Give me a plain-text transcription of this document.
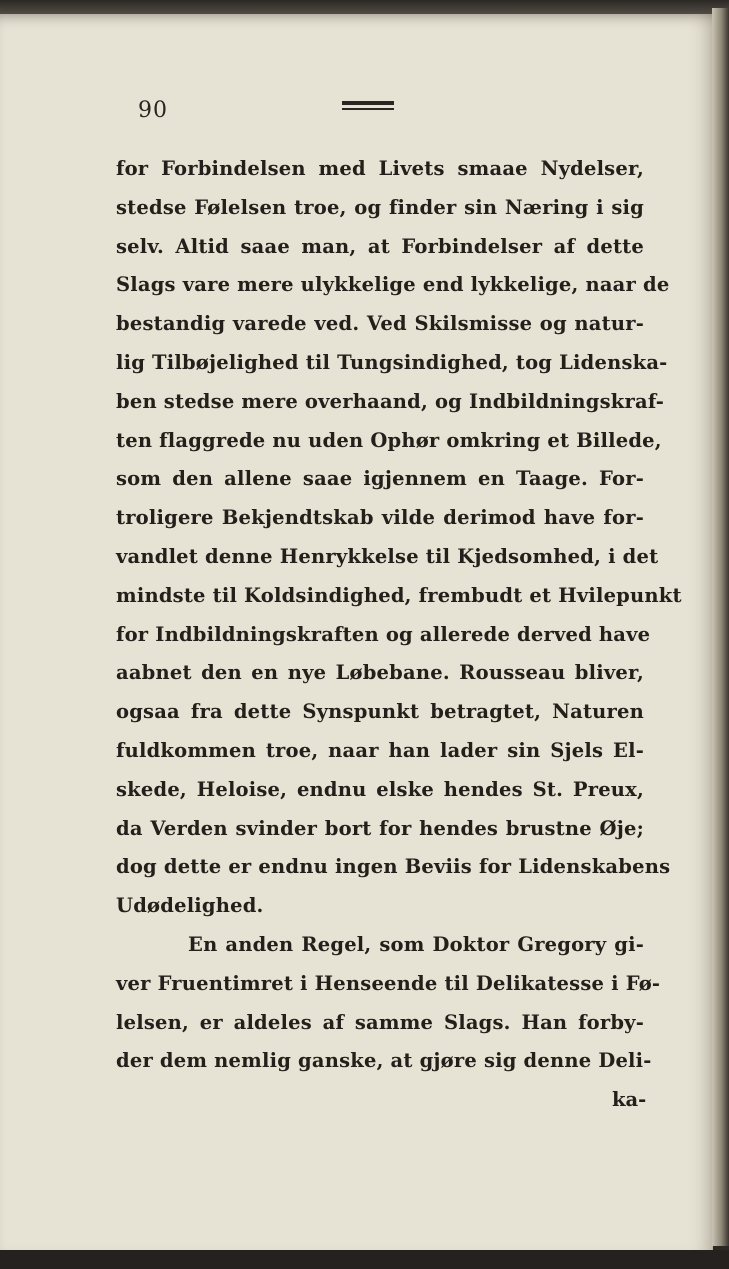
90
for Forbindelsen med Livets smaae Nydelser,
stedse Følelsen troe, og finder sin Næring i sig
selv. Altid saae man, at Forbindelser af dette
Slags vare mere ulykkelige end lykkelige, naar de
bestandig varede ved. Ved Skilsmisse og natur-
lig Tilbøjelighed til Tungsindighed, tog Lidenska-
ben stedse mere overhaand, og Indbildningskraf-
ten flaggrede nu uden Ophør omkring et Billede,
som den allene saae igjennem en Taage. For-
troligere Bekjendtskab vilde derimod have for-
vandlet denne Henrykkelse til Kjedsomhed, i det
mindste til Koldsindighed, frembudt et Hvilepunkt
for Indbildningskraften og allerede derved have
aabnet den en nye Løbebane. Rousseau bliver,
ogsaa fra dette Synspunkt betragtet, Naturen
fuldkommen troe, naar han lader sin Sjels El-
skede, Heloise, endnu elske hendes St. Preux,
da Verden svinder bort for hendes brustne Øje;
dog dette er endnu ingen Beviis for Lidenskabens
Udødelighed.
En anden Regel, som Doktor Gregory gi-
ver Fruentimret i Henseende til Delikatesse i Fø-
lelsen, er aldeles af samme Slags. Han forby-
der dem nemlig ganske, at gjøre sig denne Deli-
ka-
